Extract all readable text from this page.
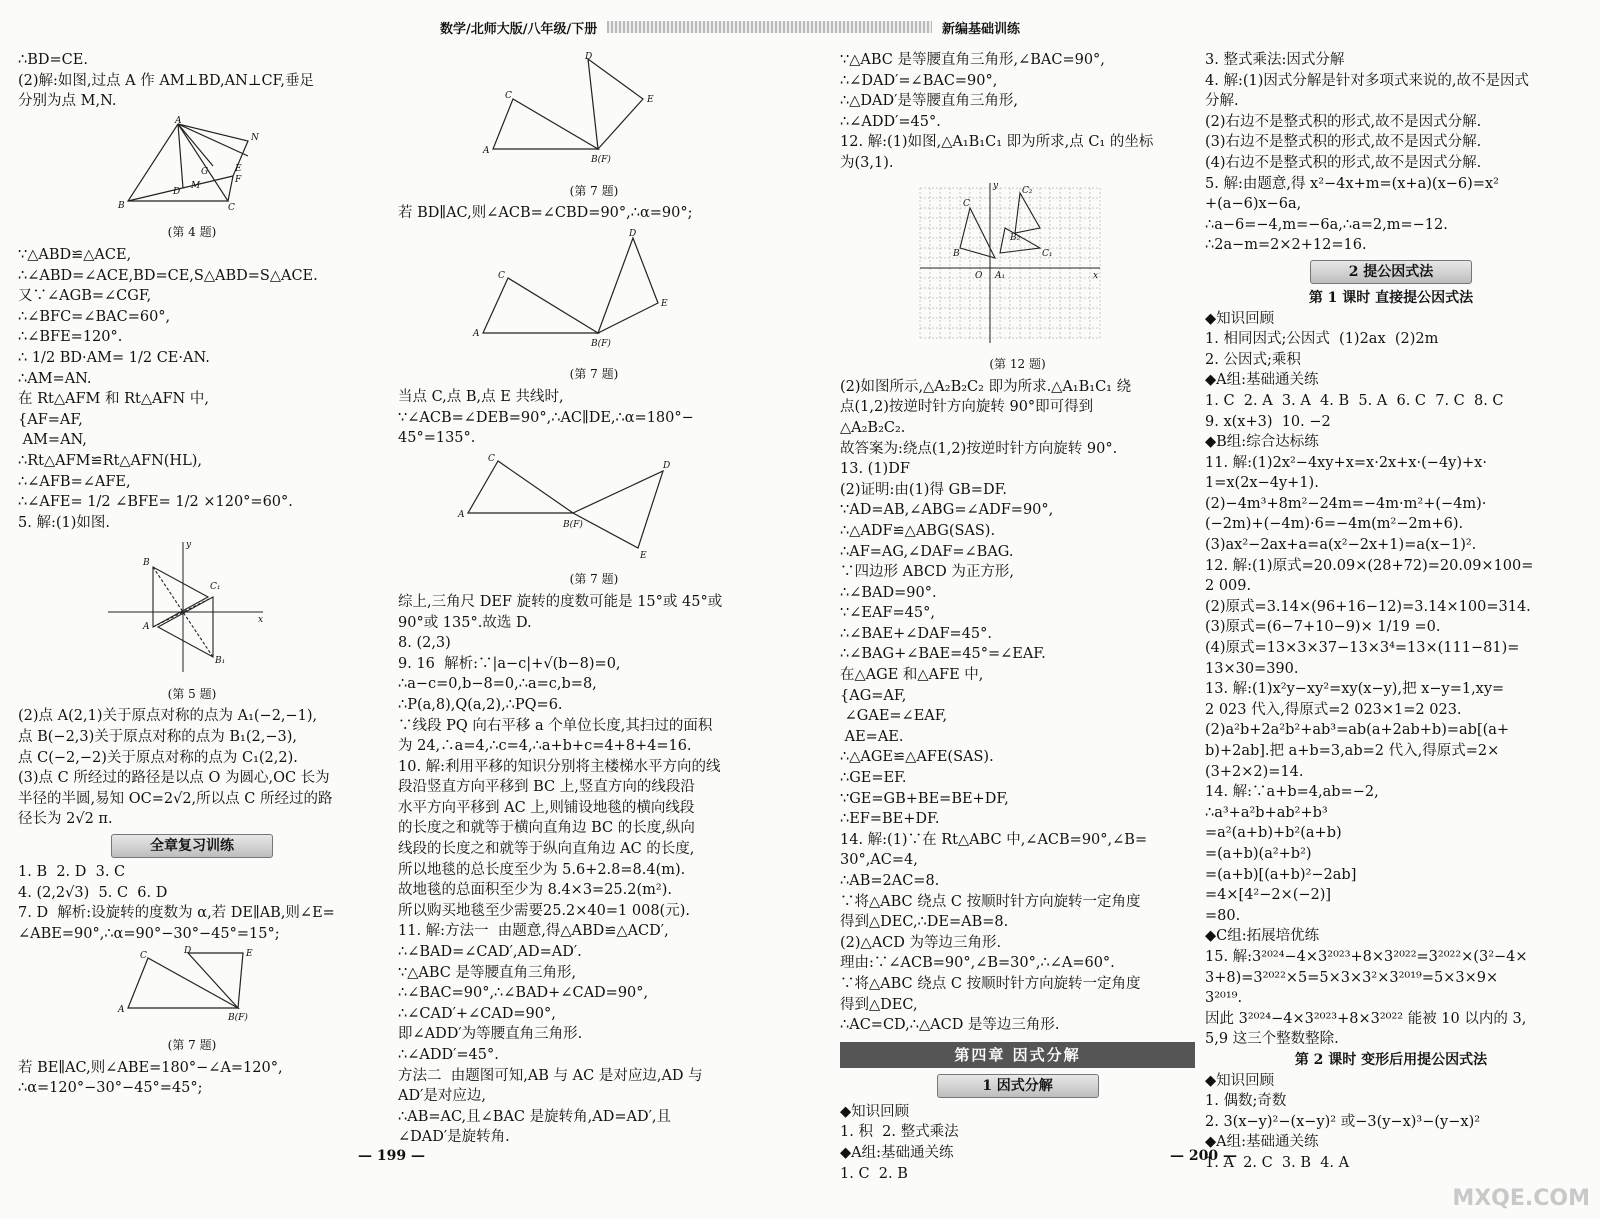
数学/北师大版/八年级/下册	新编基础训练
∴BD=CE.
(2)解:如图,过点 A 作 AM⊥BD,AN⊥CF,垂足
分别为点 M,N.
A
B	C
N
E
D
G
M
F
(第 4 题)
∵△ABD≌△ACE,
∴∠ABD=∠ACE,BD=CE,S△ABD=S△ACE.
又∵∠AGB=∠CGF,
∴∠BFC=∠BAC=60°,
∴∠BFE=120°.
∴ 1/2 BD·AM= 1/2 CE·AN.
∴AM=AN.
在 Rt△AFM 和 Rt△AFN 中,
{AF=AF,
AM=AN,
∴Rt△AFM≌Rt△AFN(HL),
∴∠AFB=∠AFE,
∴∠AFE= 1/2 ∠BFE= 1/2 ×120°=60°.
5. 解:(1)如图.
B
C₁
A
B₁
x
y
(第 5 题)
(2)点 A(2,1)关于原点对称的点为 A₁(−2,−1),
点 B(−2,3)关于原点对称的点为 B₁(2,−3),
点 C(−2,−2)关于原点对称的点为 C₁(2,2).
(3)点 C 所经过的路径是以点 O 为圆心,OC 长为
半径的半圆,易知 OC=2√2,所以点 C 所经过的路
径长为 2√2 π.
全章复习训练
1. B  2. D  3. C
4. (2,2√3)  5. C  6. D
7. D  解析:设旋转的度数为 α,若 DE∥AB,则∠E=
∠ABE=90°,∴α=90°−30°−45°=15°;
C
A
B(F)
D	E
(第 7 题)
若 BE∥AC,则∠ABE=180°−∠A=120°,
∴α=120°−30°−45°=45°;
C
A
B(F)
D
E
(第 7 题)
若 BD∥AC,则∠ACB=∠CBD=90°,∴α=90°;
C
A
B(F)
D
E
(第 7 题)
当点 C,点 B,点 E 共线时,
∵∠ACB=∠DEB=90°,∴AC∥DE,∴α=180°−
45°=135°.
C
A
B(F)
D
E
(第 7 题)
综上,三角尺 DEF 旋转的度数可能是 15°或 45°或
90°或 135°.故选 D.
8. (2,3)
9. 16  解析:∵|a−c|+√(b−8)=0,
∴a−c=0,b−8=0,∴a=c,b=8,
∴P(a,8),Q(a,2),∴PQ=6.
∵线段 PQ 向右平移 a 个单位长度,其扫过的面积
为 24,∴a=4,∴c=4,∴a+b+c=4+8+4=16.
10. 解:利用平移的知识分别将主楼梯水平方向的线
段沿竖直方向平移到 BC 上,竖直方向的线段沿
水平方向平移到 AC 上,则铺设地毯的横向线段
的长度之和就等于横向直角边 BC 的长度,纵向
线段的长度之和就等于纵向直角边 AC 的长度,
所以地毯的总长度至少为 5.6+2.8=8.4(m).
故地毯的总面积至少为 8.4×3=25.2(m²).
所以购买地毯至少需要25.2×40=1 008(元).
11. 解:方法一  由题意,得△ABD≌△ACD′,
∴∠BAD=∠CAD′,AD=AD′.
∵△ABC 是等腰直角三角形,
∴∠BAC=90°,∴∠BAD+∠CAD=90°,
∴∠CAD′+∠CAD=90°,
即∠ADD′为等腰直角三角形.
∴∠ADD′=45°.
方法二  由题图可知,AB 与 AC 是对应边,AD 与
AD′是对应边,
∴AB=AC,且∠BAC 是旋转角,AD=AD′,且
∠DAD′是旋转角.
— 199 —
∵△ABC 是等腰直角三角形,∠BAC=90°,
∴∠DAD′=∠BAC=90°,
∴△DAD′是等腰直角三角形,
∴∠ADD′=45°.
12. 解:(1)如图,△A₁B₁C₁ 即为所求,点 C₁ 的坐标
为(3,1).
C
B
O A₁
C₂
B₂
C₁
x
y
(第 12 题)
(2)如图所示,△A₂B₂C₂ 即为所求.△A₁B₁C₁ 绕
点(1,2)按逆时针方向旋转 90°即可得到
△A₂B₂C₂.
故答案为:绕点(1,2)按逆时针方向旋转 90°.
13. (1)DF
(2)证明:由(1)得 GB=DF.
∵AD=AB,∠ABG=∠ADF=90°,
∴△ADF≌△ABG(SAS).
∴AF=AG,∠DAF=∠BAG.
∵四边形 ABCD 为正方形,
∴∠BAD=90°.
∵∠EAF=45°,
∴∠BAE+∠DAF=45°.
∴∠BAG+∠BAE=45°=∠EAF.
在△AGE 和△AFE 中,
{AG=AF,
∠GAE=∠EAF,
AE=AE.
∴△AGE≌△AFE(SAS).
∴GE=EF.
∵GE=GB+BE=BE+DF,
∴EF=BE+DF.
14. 解:(1)∵在 Rt△ABC 中,∠ACB=90°,∠B=
30°,AC=4,
∴AB=2AC=8.
∵将△ABC 绕点 C 按顺时针方向旋转一定角度
得到△DEC,∴DE=AB=8.
(2)△ACD 为等边三角形.
理由:∵∠ACB=90°,∠B=30°,∴∠A=60°.
∵将△ABC 绕点 C 按顺时针方向旋转一定角度
得到△DEC,
∴AC=CD,∴△ACD 是等边三角形.
第四章 因式分解
1 因式分解
◆知识回顾
1. 积  2. 整式乘法
◆A组:基础通关练
1. C  2. B
— 200 —
3. 整式乘法:因式分解
4. 解:(1)因式分解是针对多项式来说的,故不是因式
分解.
(2)右边不是整式积的形式,故不是因式分解.
(3)右边不是整式积的形式,故不是因式分解.
(4)右边不是整式积的形式,故不是因式分解.
5. 解:由题意,得 x²−4x+m=(x+a)(x−6)=x²
+(a−6)x−6a,
∴a−6=−4,m=−6a,∴a=2,m=−12.
∴2a−m=2×2+12=16.
2 提公因式法
第 1 课时 直接提公因式法
◆知识回顾
1. 相同因式;公因式  (1)2ax  (2)2m
2. 公因式;乘积
◆A组:基础通关练
1. C  2. A  3. A  4. B  5. A  6. C  7. C  8. C
9. x(x+3)  10. −2
◆B组:综合达标练
11. 解:(1)2x²−4xy+x=x·2x+x·(−4y)+x·
1=x(2x−4y+1).
(2)−4m³+8m²−24m=−4m·m²+(−4m)·
(−2m)+(−4m)·6=−4m(m²−2m+6).
(3)ax²−2ax+a=a(x²−2x+1)=a(x−1)².
12. 解:(1)原式=20.09×(28+72)=20.09×100=
2 009.
(2)原式=3.14×(96+16−12)=3.14×100=314.
(3)原式=(6−7+10−9)× 1/19 =0.
(4)原式=13×3×37−13×3⁴=13×(111−81)=
13×30=390.
13. 解:(1)x²y−xy²=xy(x−y),把 x−y=1,xy=
2 023 代入,得原式=2 023×1=2 023.
(2)a²b+2a²b²+ab³=ab(a+2ab+b)=ab[(a+
b)+2ab].把 a+b=3,ab=2 代入,得原式=2×
(3+2×2)=14.
14. 解:∵a+b=4,ab=−2,
∴a³+a²b+ab²+b³
=a²(a+b)+b²(a+b)
=(a+b)(a²+b²)
=(a+b)[(a+b)²−2ab]
=4×[4²−2×(−2)]
=80.
◆C组:拓展培优练
15. 解:3²⁰²⁴−4×3²⁰²³+8×3²⁰²²=3²⁰²²×(3²−4×
3+8)=3²⁰²²×5=5×3×3²×3²⁰¹⁹=5×3×9×
3²⁰¹⁹.
因此 3²⁰²⁴−4×3²⁰²³+8×3²⁰²² 能被 10 以内的 3,
5,9 这三个整数整除.
第 2 课时 变形后用提公因式法
◆知识回顾
1. 偶数;奇数
2. 3(x−y)²−(x−y)² 或−3(y−x)³−(y−x)²
◆A组:基础通关练
1. A  2. C  3. B  4. A
MXQE.COM
